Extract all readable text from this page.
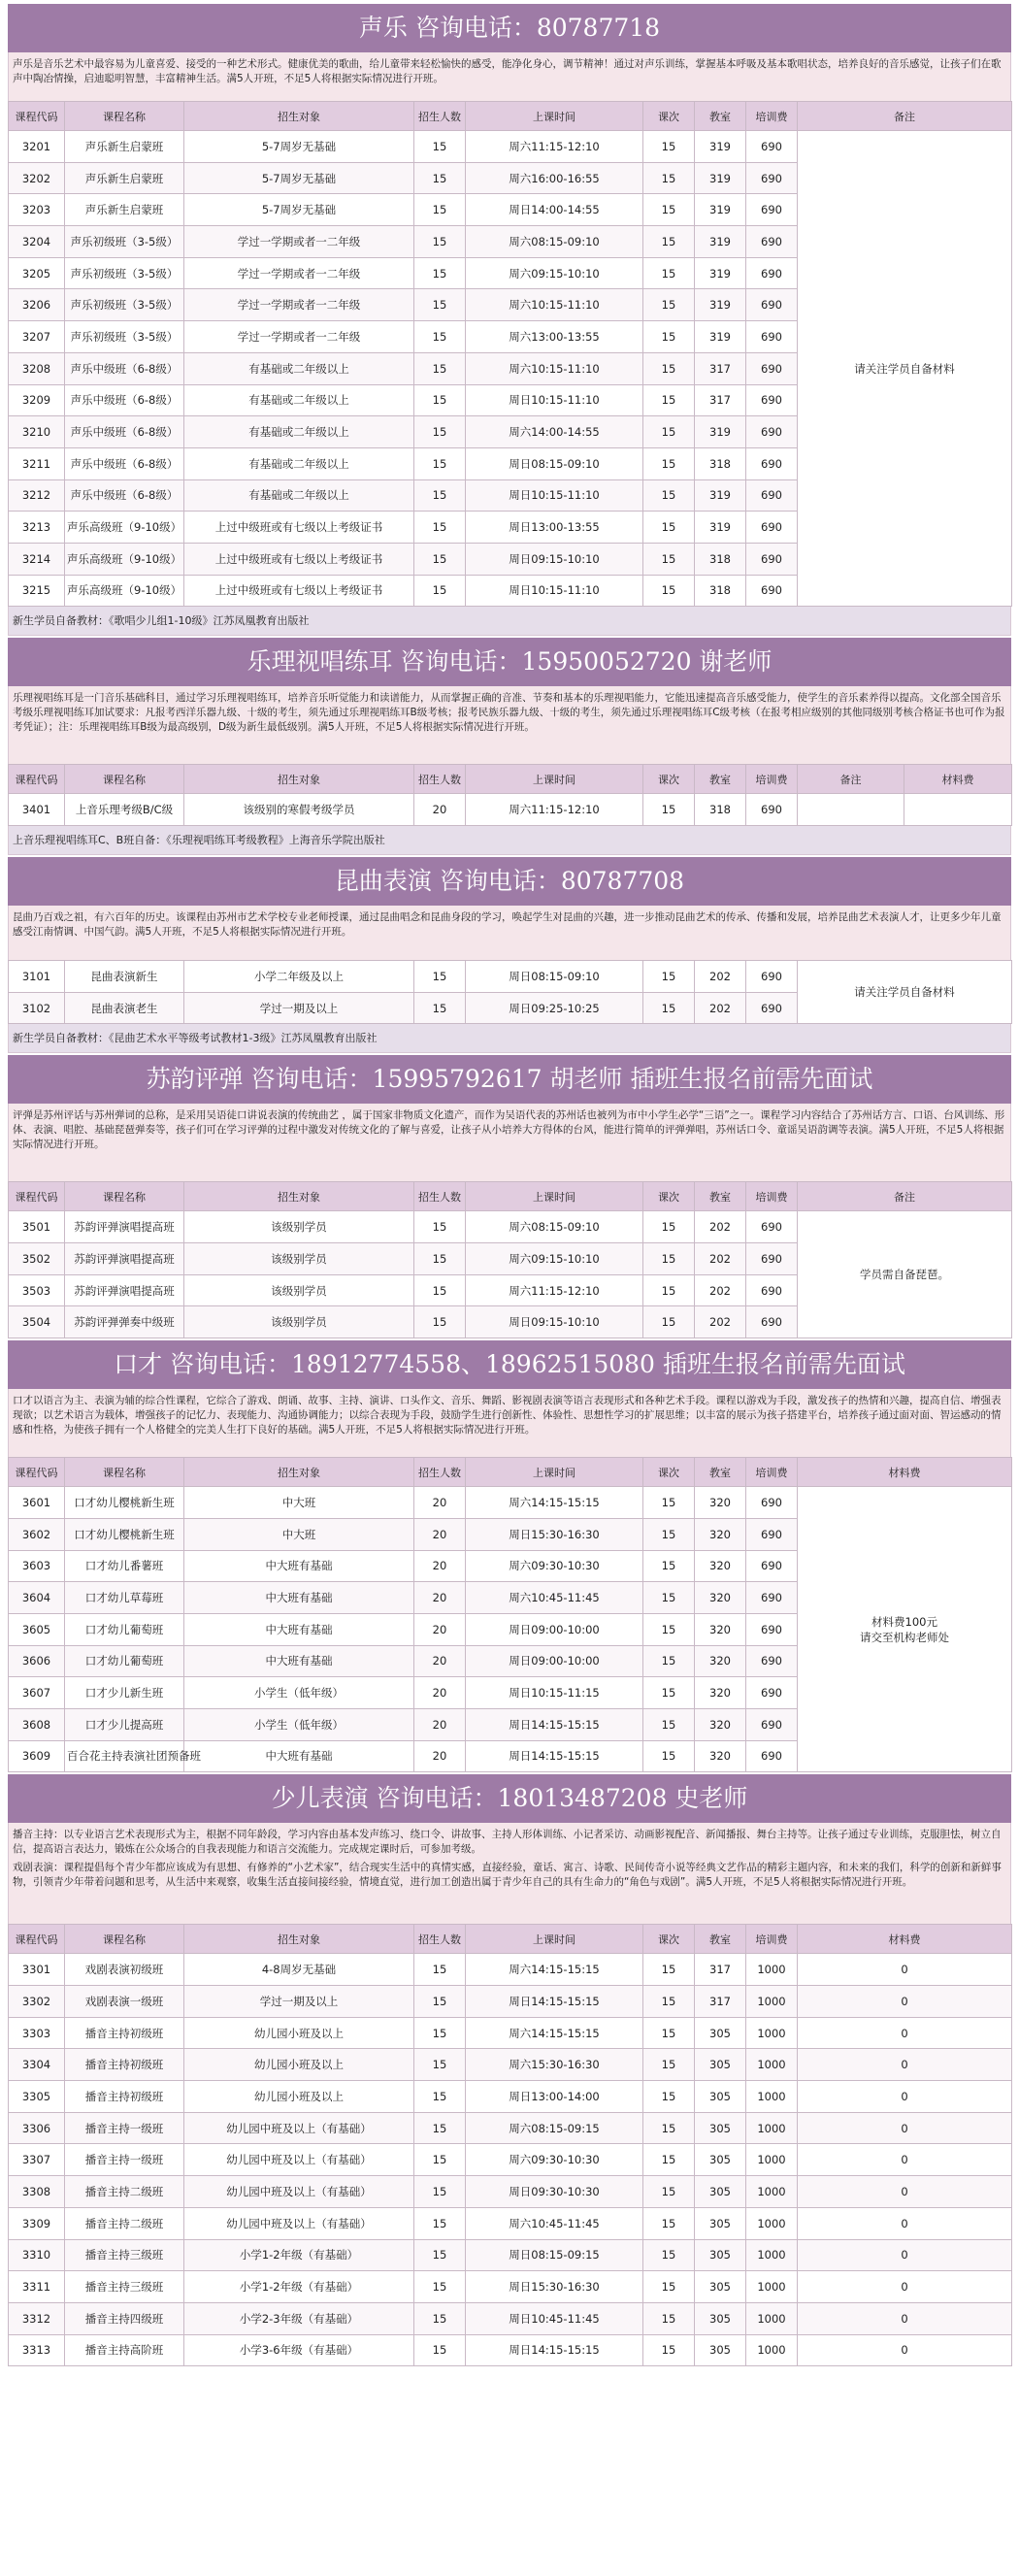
声乐 咨询电话：80787718
声乐是音乐艺术中最容易为儿童喜爱、接受的一种艺术形式。健康优美的歌曲，给儿童带来轻松愉快的感受，能净化身心，调节精神！通过对声乐训练，掌握基本呼吸及基本歌唱状态，培养良好的音乐感觉，让孩子们在歌声中陶冶情操，启迪聪明智慧，丰富精神生活。满5人开班，不足5人将根据实际情况进行开班。
课程代码	课程名称	招生对象	招生人数	上课时间	课次	教室	培训费	备注
3201	声乐新生启蒙班	5-7周岁无基础	15	周六11:15-12:10	15	319	690	请关注学员自备材料
3202	声乐新生启蒙班	5-7周岁无基础	15	周六16:00-16:55	15	319	690	
3203	声乐新生启蒙班	5-7周岁无基础	15	周日14:00-14:55	15	319	690	
3204	声乐初级班（3-5级）	学过一学期或者一二年级	15	周六08:15-09:10	15	319	690	
3205	声乐初级班（3-5级）	学过一学期或者一二年级	15	周六09:15-10:10	15	319	690	
3206	声乐初级班（3-5级）	学过一学期或者一二年级	15	周六10:15-11:10	15	319	690	
3207	声乐初级班（3-5级）	学过一学期或者一二年级	15	周六13:00-13:55	15	319	690	
3208	声乐中级班（6-8级）	有基础或二年级以上	15	周六10:15-11:10	15	317	690	
3209	声乐中级班（6-8级）	有基础或二年级以上	15	周日10:15-11:10	15	317	690	
3210	声乐中级班（6-8级）	有基础或二年级以上	15	周六14:00-14:55	15	319	690	
3211	声乐中级班（6-8级）	有基础或二年级以上	15	周日08:15-09:10	15	318	690	
3212	声乐中级班（6-8级）	有基础或二年级以上	15	周日10:15-11:10	15	319	690	
3213	声乐高级班（9-10级）	上过中级班或有七级以上考级证书	15	周日13:00-13:55	15	319	690	
3214	声乐高级班（9-10级）	上过中级班或有七级以上考级证书	15	周日09:15-10:10	15	318	690	
3215	声乐高级班（9-10级）	上过中级班或有七级以上考级证书	15	周日10:15-11:10	15	318	690	
新生学员自备教材：《歌唱少儿组1-10级》江苏凤凰教育出版社
乐理视唱练耳 咨询电话：15950052720 谢老师
乐理视唱练耳是一门音乐基础科目，通过学习乐理视唱练耳，培养音乐听觉能力和读谱能力，从而掌握正确的音准、节奏和基本的乐理视唱能力，它能迅速提高音乐感受能力，使学生的音乐素养得以提高。文化部全国音乐考级乐理视唱练耳加试要求：凡报考西洋乐器九级、十级的考生，须先通过乐理视唱练耳B级考核；报考民族乐器九级、十级的考生，须先通过乐理视唱练耳C级考核（在报考相应级别的其他同级别考核合格证书也可作为报考凭证）；注：乐理视唱练耳B级为最高级别，D级为新生最低级别。满5人开班，不足5人将根据实际情况进行开班。
课程代码	课程名称	招生对象	招生人数	上课时间	课次	教室	培训费	备注	材料费
3401	上音乐理考级B/C级	该级别的寒假考级学员	20	周六11:15-12:10	15	318	690		
上音乐理视唱练耳C、B班自备：《乐理视唱练耳考级教程》上海音乐学院出版社
昆曲表演 咨询电话：80787708
昆曲乃百戏之祖，有六百年的历史。该课程由苏州市艺术学校专业老师授课，通过昆曲唱念和昆曲身段的学习，唤起学生对昆曲的兴趣，进一步推动昆曲艺术的传承、传播和发展，培养昆曲艺术表演人才，让更多少年儿童感受江南情调、中国气韵。满5人开班，不足5人将根据实际情况进行开班。
3101	昆曲表演新生	小学二年级及以上	15	周日08:15-09:10	15	202	690	请关注学员自备材料
3102	昆曲表演老生	学过一期及以上	15	周日09:25-10:25	15	202	690	
新生学员自备教材：《昆曲艺术水平等级考试教材1-3级》江苏凤凰教育出版社
苏韵评弹 咨询电话：15995792617 胡老师 插班生报名前需先面试
评弹是苏州评话与苏州弹词的总称，是采用吴语徒口讲说表演的传统曲艺 ，属于国家非物质文化遗产，而作为吴语代表的苏州话也被列为市中小学生必学“三语”之一。课程学习内容结合了苏州话方言、口语、台风训练、形体、表演、唱腔、基础琵琶弹奏等，孩子们可在学习评弹的过程中激发对传统文化的了解与喜爱，让孩子从小培养大方得体的台风，能进行简单的评弹弹唱，苏州话口令、童谣吴语韵调等表演。满5人开班，不足5人将根据实际情况进行开班。
课程代码	课程名称	招生对象	招生人数	上课时间	课次	教室	培训费	备注
3501	苏韵评弹演唱提高班	该级别学员	15	周六08:15-09:10	15	202	690	学员需自备琵琶。
3502	苏韵评弹演唱提高班	该级别学员	15	周六09:15-10:10	15	202	690	
3503	苏韵评弹演唱提高班	该级别学员	15	周六11:15-12:10	15	202	690	
3504	苏韵评弹弹奏中级班	该级别学员	15	周日09:15-10:10	15	202	690	
口才 咨询电话：18912774558、18962515080 插班生报名前需先面试
口才以语言为主、表演为辅的综合性课程，它综合了游戏、朗诵、故事、主持、演讲、口头作文、音乐、舞蹈、影视剧表演等语言表现形式和各种艺术手段。课程以游戏为手段，激发孩子的热情和兴趣，提高自信、增强表现欲；以艺术语言为载体，增强孩子的记忆力、表现能力、沟通协调能力；以综合表现为手段，鼓励学生进行创新性、体验性、思想性学习的扩展思维；以丰富的展示为孩子搭建平台，培养孩子通过面对面、智运感动的情感和性格，为使孩子拥有一个人格健全的完美人生打下良好的基础。满5人开班，不足5人将根据实际情况进行开班。
课程代码	课程名称	招生对象	招生人数	上课时间	课次	教室	培训费	材料费
3601	口才幼儿樱桃新生班	中大班	20	周六14:15-15:15	15	320	690	材料费100元
请交至机构老师处
3602	口才幼儿樱桃新生班	中大班	20	周日15:30-16:30	15	320	690	
3603	口才幼儿番薯班	中大班有基础	20	周六09:30-10:30	15	320	690	
3604	口才幼儿草莓班	中大班有基础	20	周六10:45-11:45	15	320	690	
3605	口才幼儿葡萄班	中大班有基础	20	周日09:00-10:00	15	320	690	
3606	口才幼儿葡萄班	中大班有基础	20	周日09:00-10:00	15	320	690	
3607	口才少儿新生班	小学生（低年级）	20	周日10:15-11:15	15	320	690	
3608	口才少儿提高班	小学生（低年级）	20	周日14:15-15:15	15	320	690	
3609	百合花主持表演社团预备班	中大班有基础	20	周日14:15-15:15	15	320	690	
少儿表演 咨询电话：18013487208 史老师
播音主持：以专业语言艺术表现形式为主，根据不同年龄段，学习内容由基本发声练习、绕口令、讲故事、主持人形体训练、小记者采访、动画影视配音、新闻播报、舞台主持等。让孩子通过专业训练，克服胆怯，树立自信，提高语言表达力，锻炼在公众场合的自我表现能力和语言交流能力。完成规定课时后，可参加考级。
戏剧表演：课程提倡每个青少年都应该成为有思想、有修养的“小艺术家”，结合现实生活中的真情实感，直接经验，童话、寓言、诗歌、民间传奇小说等经典文艺作品的精彩主题内容，和未来的我们，科学的创新和新鲜事物，引领青少年带着问题和思考，从生活中来观察，收集生活直接间接经验，情境直觉，进行加工创造出属于青少年自己的具有生命力的“角色与戏剧”。满5人开班，不足5人将根据实际情况进行开班。
课程代码	课程名称	招生对象	招生人数	上课时间	课次	教室	培训费	材料费
3301	戏剧表演初级班	4-8周岁无基础	15	周六14:15-15:15	15	317	1000	0
3302	戏剧表演一级班	学过一期及以上	15	周日14:15-15:15	15	317	1000	0
3303	播音主持初级班	幼儿园小班及以上	15	周六14:15-15:15	15	305	1000	0
3304	播音主持初级班	幼儿园小班及以上	15	周六15:30-16:30	15	305	1000	0
3305	播音主持初级班	幼儿园小班及以上	15	周日13:00-14:00	15	305	1000	0
3306	播音主持一级班	幼儿园中班及以上（有基础）	15	周六08:15-09:15	15	305	1000	0
3307	播音主持一级班	幼儿园中班及以上（有基础）	15	周六09:30-10:30	15	305	1000	0
3308	播音主持二级班	幼儿园中班及以上（有基础）	15	周日09:30-10:30	15	305	1000	0
3309	播音主持二级班	幼儿园中班及以上（有基础）	15	周六10:45-11:45	15	305	1000	0
3310	播音主持三级班	小学1-2年级（有基础）	15	周日08:15-09:15	15	305	1000	0
3311	播音主持三级班	小学1-2年级（有基础）	15	周日15:30-16:30	15	305	1000	0
3312	播音主持四级班	小学2-3年级（有基础）	15	周日10:45-11:45	15	305	1000	0
3313	播音主持高阶班	小学3-6年级（有基础）	15	周日14:15-15:15	15	305	1000	0
